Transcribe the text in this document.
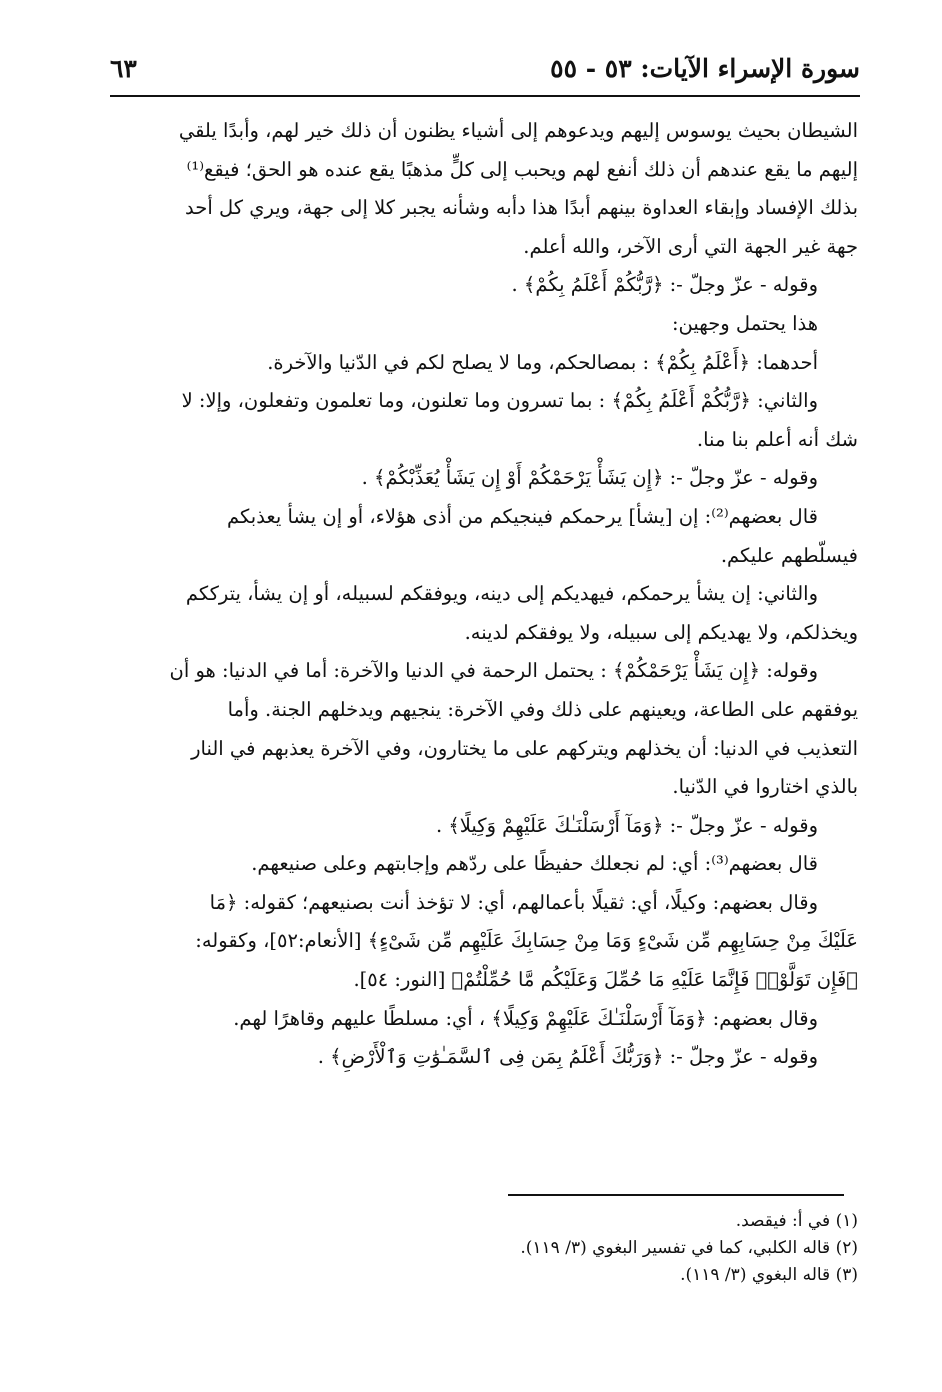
سورة الإسراء الآيات: ٥٣ - ٥٥
٦٣

الشيطان بحيث يوسوس إليهم ويدعوهم إلى أشياء يظنون أن ذلك خير لهم، وأبدًا يلقي

إليهم ما يقع عندهم أن ذلك أنفع لهم ويحبب إلى كلٍّ مذهبًا يقع عنده هو الحق؛ فيقع⁽¹⁾

بذلك الإفساد وإبقاء العداوة بينهم أبدًا هذا دأبه وشأنه يجبر كلا إلى جهة، ويري كل أحد

جهة غير الجهة التي أرى الآخر، والله أعلم.

وقوله - عزّ وجلّ -: ﴿رَّبُّكُمْ أَعْلَمُ بِكُمْ﴾ .

هذا يحتمل وجهين:

أحدهما: ﴿أَعْلَمُ بِكُمْ﴾ : بمصالحكم، وما لا يصلح لكم في الدّنيا والآخرة.

والثاني: ﴿رَّبُّكُمْ أَعْلَمُ بِكُمْ﴾ : بما تسرون وما تعلنون، وما تعلمون وتفعلون، وإلا: لا

شك أنه أعلم بنا منا.

وقوله - عزّ وجلّ -: ﴿إِن يَشَأْ يَرْحَمْكُمْ أَوْ إِن يَشَأْ يُعَذِّبْكُمْ﴾ .

قال بعضهم⁽²⁾: إن [يشأ] يرحمكم فينجيكم من أذى هؤلاء، أو إن يشأ يعذبكم

فيسلّطهم عليكم.

والثاني: إن يشأ يرحمكم، فيهديكم إلى دينه، ويوفقكم لسبيله، أو إن يشأ، يترككم

ويخذلكم، ولا يهديكم إلى سبيله، ولا يوفقكم لدينه.

وقوله: ﴿إِن يَشَأْ يَرْحَمْكُمْ﴾ : يحتمل الرحمة في الدنيا والآخرة: أما في الدنيا: هو أن

يوفقهم على الطاعة، ويعينهم على ذلك وفي الآخرة: ينجيهم ويدخلهم الجنة. وأما

التعذيب في الدنيا: أن يخذلهم ويتركهم على ما يختارون، وفي الآخرة يعذبهم في النار

بالذي اختاروا في الدّنيا.

وقوله - عزّ وجلّ -: ﴿وَمَآ أَرْسَلْنَـٰكَ عَلَيْهِمْ وَكِيلًا﴾ .

قال بعضهم⁽³⁾: أي: لم نجعلك حفيظًا على ردّهم وإجابتهم وعلى صنيعهم.

وقال بعضهم: وكيلًا، أي: ثقيلًا بأعمالهم، أي: لا تؤخذ أنت بصنيعهم؛ كقوله: ﴿مَا

عَلَيْكَ مِنْ حِسَابِهِم مِّن شَىْءٍ وَمَا مِنْ حِسَابِكَ عَلَيْهِم مِّن شَىْءٍ﴾ [الأنعام:٥٢]، وكقوله:

﴿فَإِن تَوَلَّوْا۟ فَإِنَّمَا عَلَيْهِ مَا حُمِّلَ وَعَلَيْكُم مَّا حُمِّلْتُمْ﴾ [النور: ٥٤].

وقال بعضهم: ﴿وَمَآ أَرْسَلْنَـٰكَ عَلَيْهِمْ وَكِيلًا﴾ ، أي: مسلطًا عليهم وقاهرًا لهم.

وقوله - عزّ وجلّ -: ﴿وَرَبُّكَ أَعْلَمُ بِمَن فِى ٱلسَّمَـٰوَٰتِ وَٱلْأَرْضِ﴾ .

(١) في أ: فيقصد.

(٢) قاله الكلبي، كما في تفسير البغوي (٣/ ١١٩).

(٣) قاله البغوي (٣/ ١١٩).
